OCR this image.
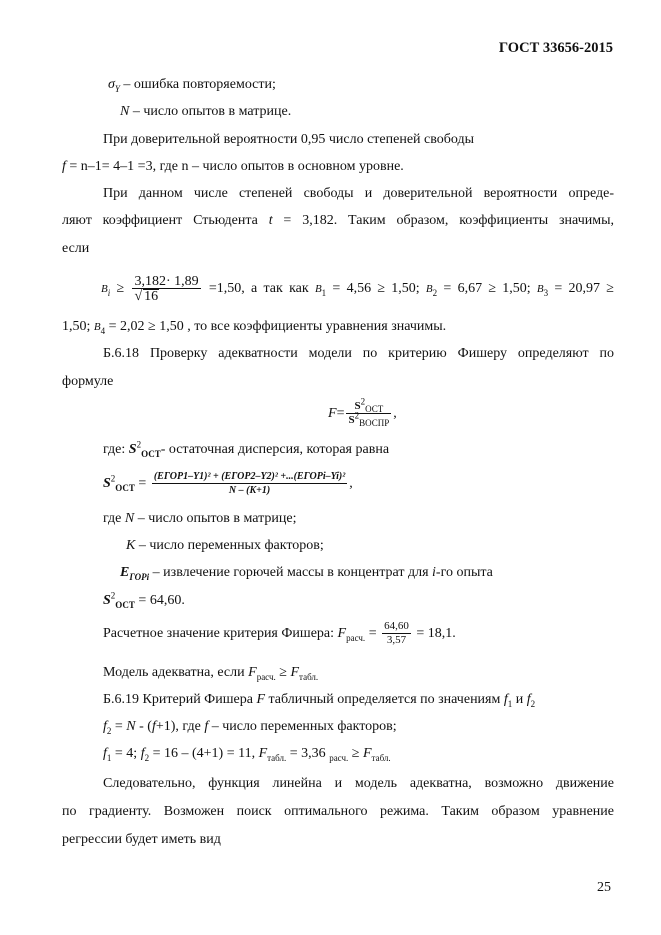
ГОСТ 33656-2015
$\sigma_Y$ – ошибка повторяемости;
N – число опытов в матрице.
При доверительной вероятности 0,95 число степеней свободы
f = n–1= 4–1 =3, где n – число опытов в основном уровне.
При данном числе степеней свободы и доверительной вероятности опреде-
ляют коэффициент Стьюдента t = 3,182. Таким образом, коэффициенты значимы,
если
$B_i \ge \frac{3,182\cdot 1,89}{√ 16} =1,50$, а так как $B_1 = 4,56 \ge 1,50$; $B_2 = 6,67 \ge 1,50$; $B_3 = 20,97$ ≥
1,50; $B_4 = 2,02 \ge 1,50$ , то все коэффициенты уравнения значимы.
Б.6.18 Проверку адекватности модели по критерию Фишеру определяют по
формуле
$F= \frac{S^2_{ОСТ}}{S^2_{ВОСПР}}$ ,
где: $S^2_{ОСТ}-$ остаточная дисперсия, которая равна
$S^2_{ОСТ} = \frac{\text{(EГОР1–Y1)² + (EГОР2–Y2)² +...(EГОРi–Yi)²}}{N - (K+1)}$ ,
где N – число опытов в матрице;
K – число переменных факторов;
$E_{ГОРi}$ – извлечение горючей массы в концентрат для i-го опыта
$S^2_{ОСТ} = 64,60$.
Расчетное значение критерия Фишера: $F_{расч.} = \frac{64,60}{3,57} = 18,1$.
Модель адекватна, если $F_{расч.} \ge F_{табл.}$
Б.6.19 Критерий Фишера F табличный определяется по значениям $f_1$ и $f_2$
$f_2 = N - (f+1)$, где f – число переменных факторов;
$f_1 = 4$; $f_2 = 16 - (4+1) = 11$, $F_{табл.} = 3,36$ $_{расч.} \ge F_{табл.}$
Следовательно, функция линейна и модель адекватна, возможно движение
по градиенту. Возможен поиск оптимального режима. Таким образом уравнение
регрессии будет иметь вид
25
